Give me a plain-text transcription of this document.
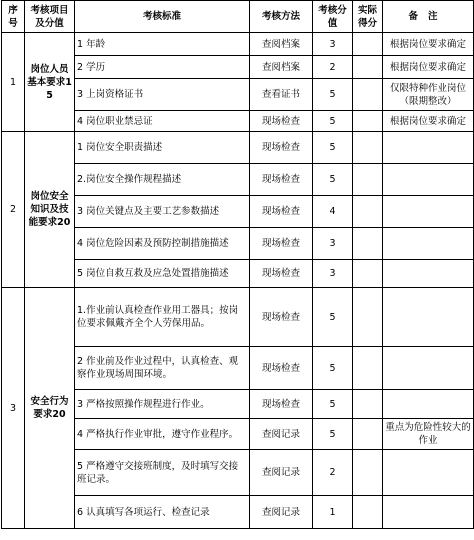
序号	考核项目及分值	考核标准	考核方法	考核分值	实际得分	备注
1	岗位人员基本要求15	1 年龄	查阅档案	3		根据岗位要求确定
		2 学历	查阅档案	2		根据岗位要求确定
		3 上岗资格证书	查看证书	5		仅限特种作业岗位（限期整改）
		4 岗位职业禁忌证	现场检查	5		根据岗位要求确定
2	岗位安全知识及技能要求20	1 岗位安全职责描述	现场检查	5		
		2.岗位安全操作规程描述	现场检查	5		
		3 岗位关键点及主要工艺参数描述	现场检查	4		
		4 岗位危险因素及预防控制措施描述	现场检查	3		
		5 岗位自救互救及应急处置措施描述	现场检查	3		
3	安全行为要求20	1.作业前认真检查作业用工器具；按岗位要求佩戴齐全个人劳保用品。	现场检查	5		
		2 作业前及作业过程中，认真检查、观察作业现场周围环境。	现场检查	5		
		3 严格按照操作规程进行作业。	现场检查	5		
		4 严格执行作业审批，遵守作业程序。	查阅记录	5		重点为危险性较大的作业
		5 严格遵守交接班制度，及时填写交接班记录。	查阅记录	2		
		6 认真填写各项运行、检查记录	查阅记录	1		
